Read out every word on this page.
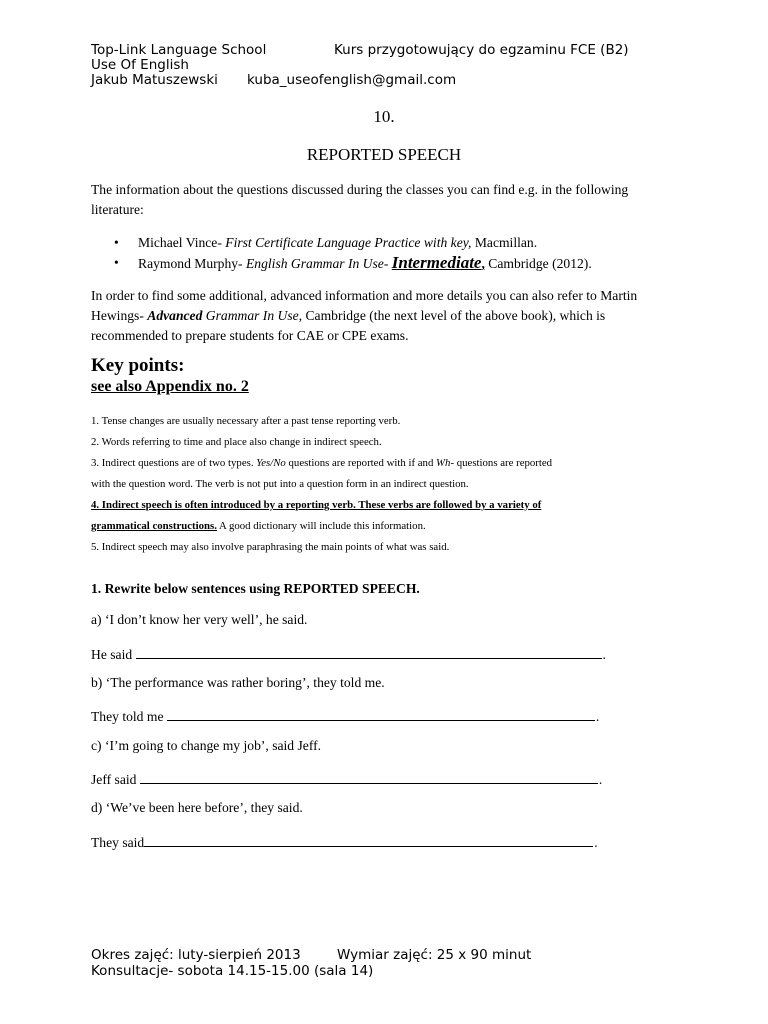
Top-Link Language School	Kurs przygotowujący do egzaminu FCE (B2)
Use Of English
Jakub Matuszewski kuba_useofenglish@gmail.com
10.
REPORTED SPEECH
The information about the questions discussed during the classes you can find e.g. in the following literature:
• Michael Vince- First Certificate Language Practice with key, Macmillan.
• Raymond Murphy- English Grammar In Use- Intermediate, Cambridge (2012).
In order to find some additional, advanced information and more details you can also refer to Martin Hewings- Advanced Grammar In Use, Cambridge (the next level of the above book), which is recommended to prepare students for CAE or CPE exams.
Key points:
see also Appendix no. 2
1. Tense changes are usually necessary after a past tense reporting verb.
2. Words referring to time and place also change in indirect speech.
3. Indirect questions are of two types. Yes/No questions are reported with if and Wh- questions are reported
with the question word. The verb is not put into a question form in an indirect question.
4. Indirect speech is often introduced by a reporting verb. These verbs are followed by a variety of
grammatical constructions. A good dictionary will include this information.
5. Indirect speech may also involve paraphrasing the main points of what was said.
1. Rewrite below sentences using REPORTED SPEECH.
a) ‘I don’t know her very well’, he said.
He said	.
b) ‘The performance was rather boring’, they told me.
They told me	.
c) ‘I’m going to change my job’, said Jeff.
Jeff said	.
d) ‘We’ve been here before’, they said.
They said	.
Okres zajęć: luty-sierpień 2013	Wymiar zajęć: 25 x 90 minut
Konsultacje- sobota 14.15-15.00 (sala 14)
